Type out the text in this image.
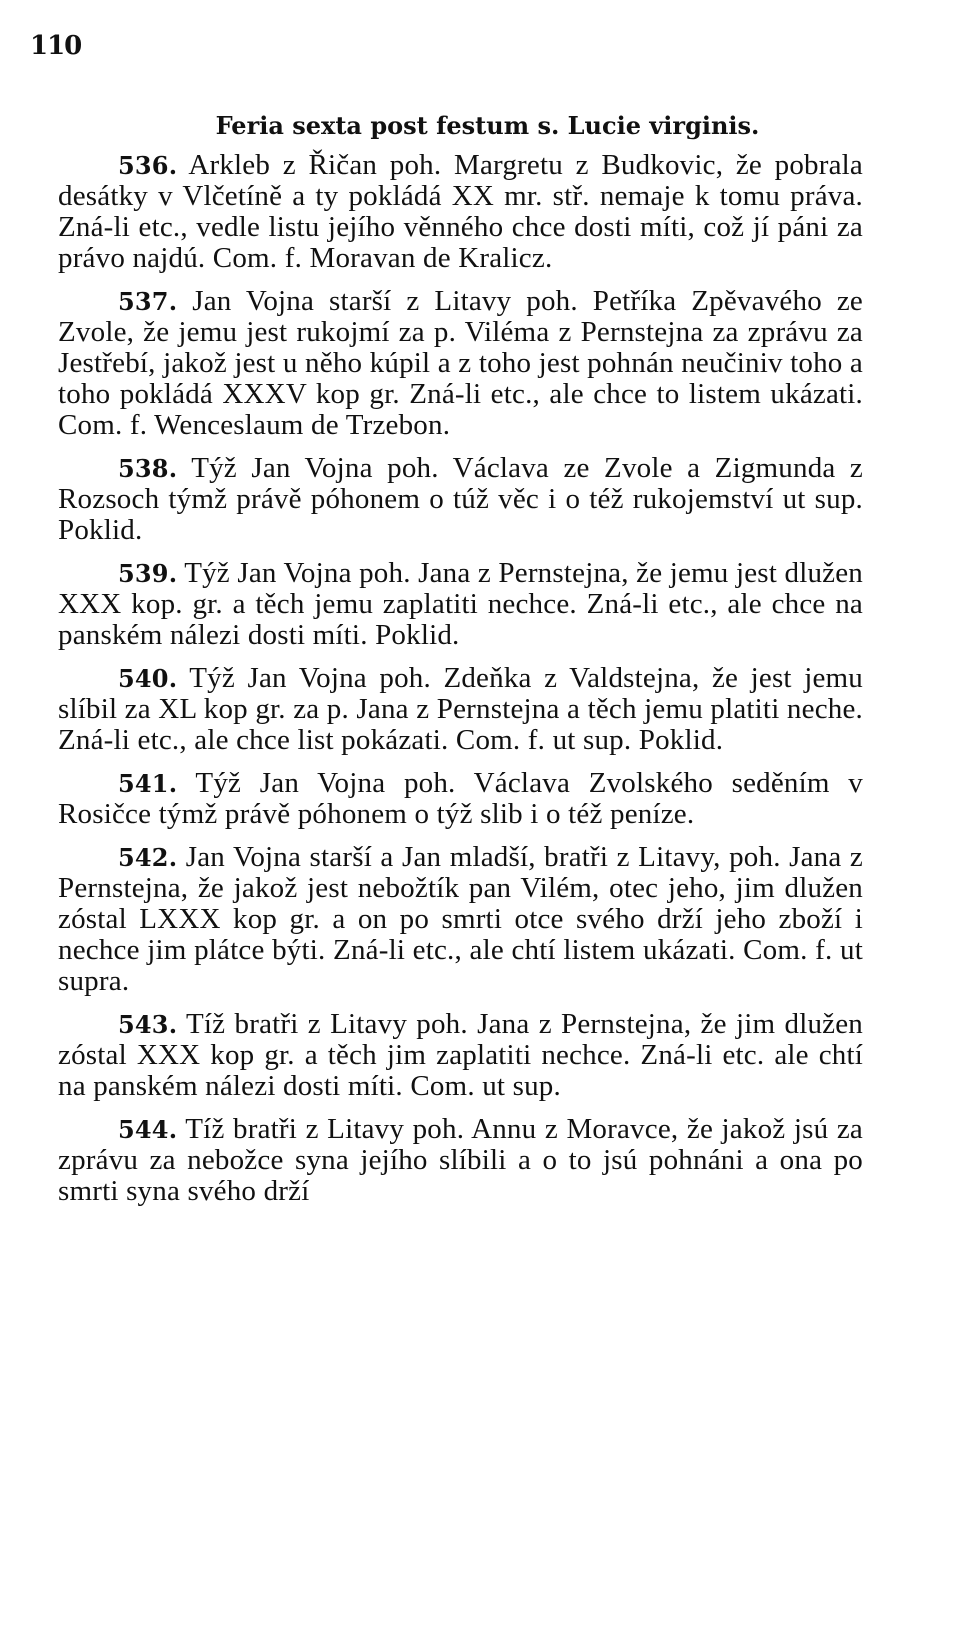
110
Feria sexta post festum s. Lucie virginis.

536. Arkleb z Řičan poh. Margretu z Budkovic, že pobrala desátky v Vlčetíně a ty pokládá XX mr. stř. nemaje k tomu práva. Zná-li etc., vedle listu jejího věnného chce dosti míti, což jí páni za právo najdú. Com. f. Moravan de Kralicz.

537. Jan Vojna starší z Litavy poh. Petříka Zpěvavého ze Zvole, že jemu jest rukojmí za p. Viléma z Pernstejna za zprávu za Jestřebí, jakož jest u něho kúpil a z toho jest pohnán neučiniv toho a toho pokládá XXXV kop gr. Zná-li etc., ale chce to listem ukázati. Com. f. Wenceslaum de Trzebon.

538. Týž Jan Vojna poh. Václava ze Zvole a Zigmunda z Rozsoch týmž právě póhonem o túž věc i o též rukojemství ut sup. Poklid.

539. Týž Jan Vojna poh. Jana z Pernstejna, že jemu jest dlužen XXX kop. gr. a těch jemu zaplatiti nechce. Zná-li etc., ale chce na panském nálezi dosti míti. Poklid.

540. Týž Jan Vojna poh. Zdeňka z Valdstejna, že jest jemu slíbil za XL kop gr. za p. Jana z Pernstejna a těch jemu platiti neche. Zná-li etc., ale chce list pokázati. Com. f. ut sup. Poklid.

541. Týž Jan Vojna poh. Václava Zvolského seděním v Rosičce týmž právě póhonem o týž slib i o též peníze.

542. Jan Vojna starší a Jan mladší, bratři z Litavy, poh. Jana z Pernstejna, že jakož jest nebožtík pan Vilém, otec jeho, jim dlužen zóstal LXXX kop gr. a on po smrti otce svého drží jeho zboží i nechce jim plátce býti. Zná-li etc., ale chtí listem ukázati. Com. f. ut supra.

543. Tíž bratři z Litavy poh. Jana z Pernstejna, že jim dlužen zóstal XXX kop gr. a těch jim zaplatiti nechce. Zná-li etc. ale chtí na panském nálezi dosti míti. Com. ut sup.

544. Tíž bratři z Litavy poh. Annu z Moravce, že jakož jsú za zprávu za nebožce syna jejího slíbili a o to jsú pohnáni a ona po smrti syna svého drží
